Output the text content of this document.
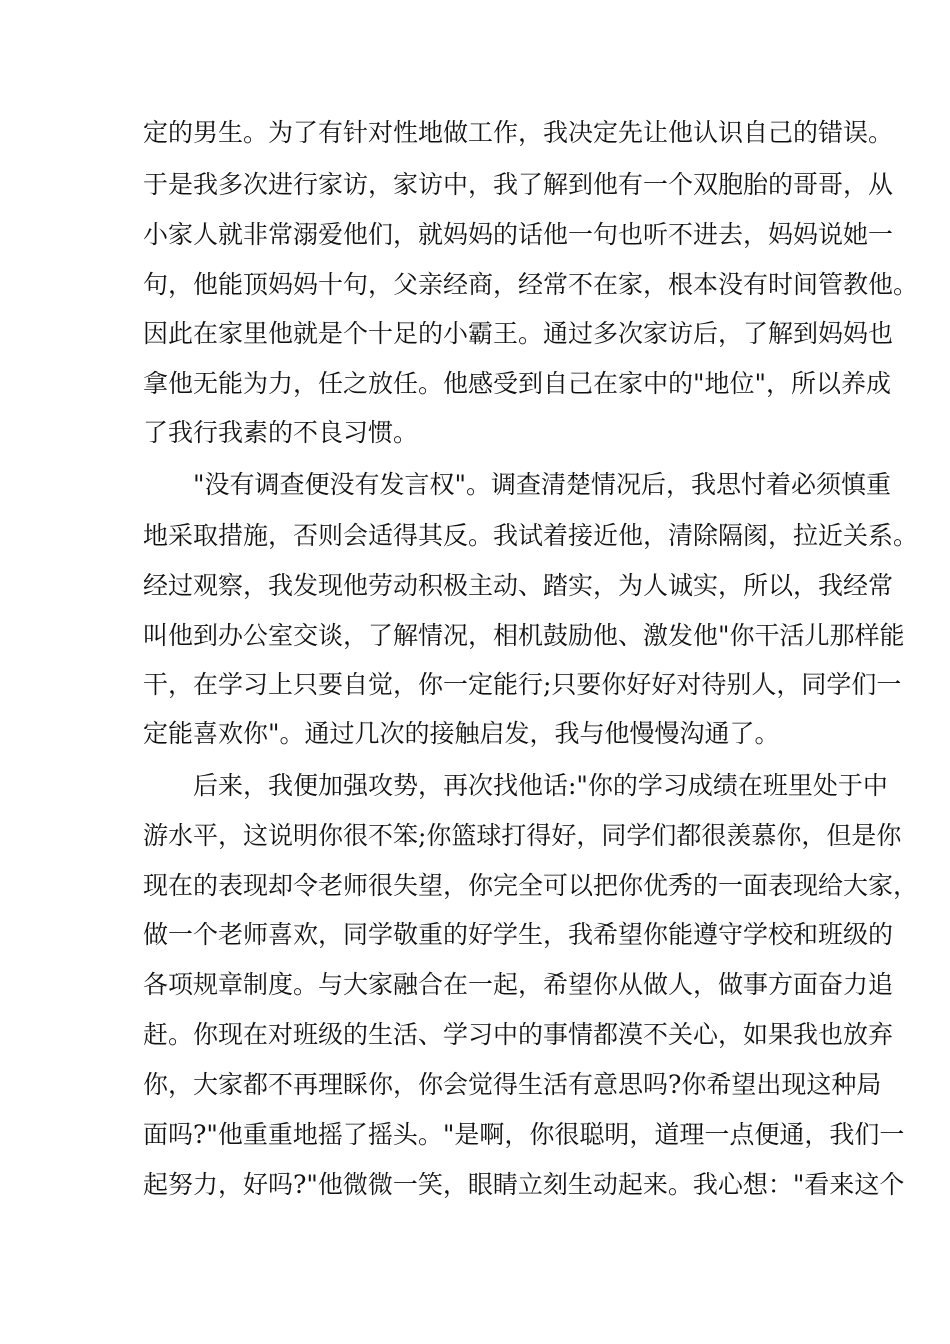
定的男生。为了有针对性地做工作，我决定先让他认识自己的错误。
于是我多次进行家访，家访中，我了解到他有一个双胞胎的哥哥，从
小家人就非常溺爱他们，就妈妈的话他一句也听不进去，妈妈说她一
句，他能顶妈妈十句，父亲经商，经常不在家，根本没有时间管教他。
因此在家里他就是个十足的小霸王。通过多次家访后，了解到妈妈也
拿他无能为力，任之放任。他感受到自己在家中的"地位"，所以养成
了我行我素的不良习惯。
"没有调查便没有发言权"。调查清楚情况后，我思忖着必须慎重
地采取措施，否则会适得其反。我试着接近他，清除隔阂，拉近关系。
经过观察，我发现他劳动积极主动、踏实，为人诚实，所以，我经常
叫他到办公室交谈，了解情况，相机鼓励他、激发他"你干活儿那样能
干，在学习上只要自觉，你一定能行;只要你好好对待别人，同学们一
定能喜欢你"。通过几次的接触启发，我与他慢慢沟通了。
后来，我便加强攻势，再次找他话:"你的学习成绩在班里处于中
游水平，这说明你很不笨;你篮球打得好，同学们都很羡慕你，但是你
现在的表现却令老师很失望，你完全可以把你优秀的一面表现给大家，
做一个老师喜欢，同学敬重的好学生，我希望你能遵守学校和班级的
各项规章制度。与大家融合在一起，希望你从做人，做事方面奋力追
赶。你现在对班级的生活、学习中的事情都漠不关心，如果我也放弃
你，大家都不再理睬你，你会觉得生活有意思吗?你希望出现这种局
面吗?"他重重地摇了摇头。"是啊，你很聪明，道理一点便通，我们一
起努力，好吗?"他微微一笑，眼睛立刻生动起来。我心想："看来这个
